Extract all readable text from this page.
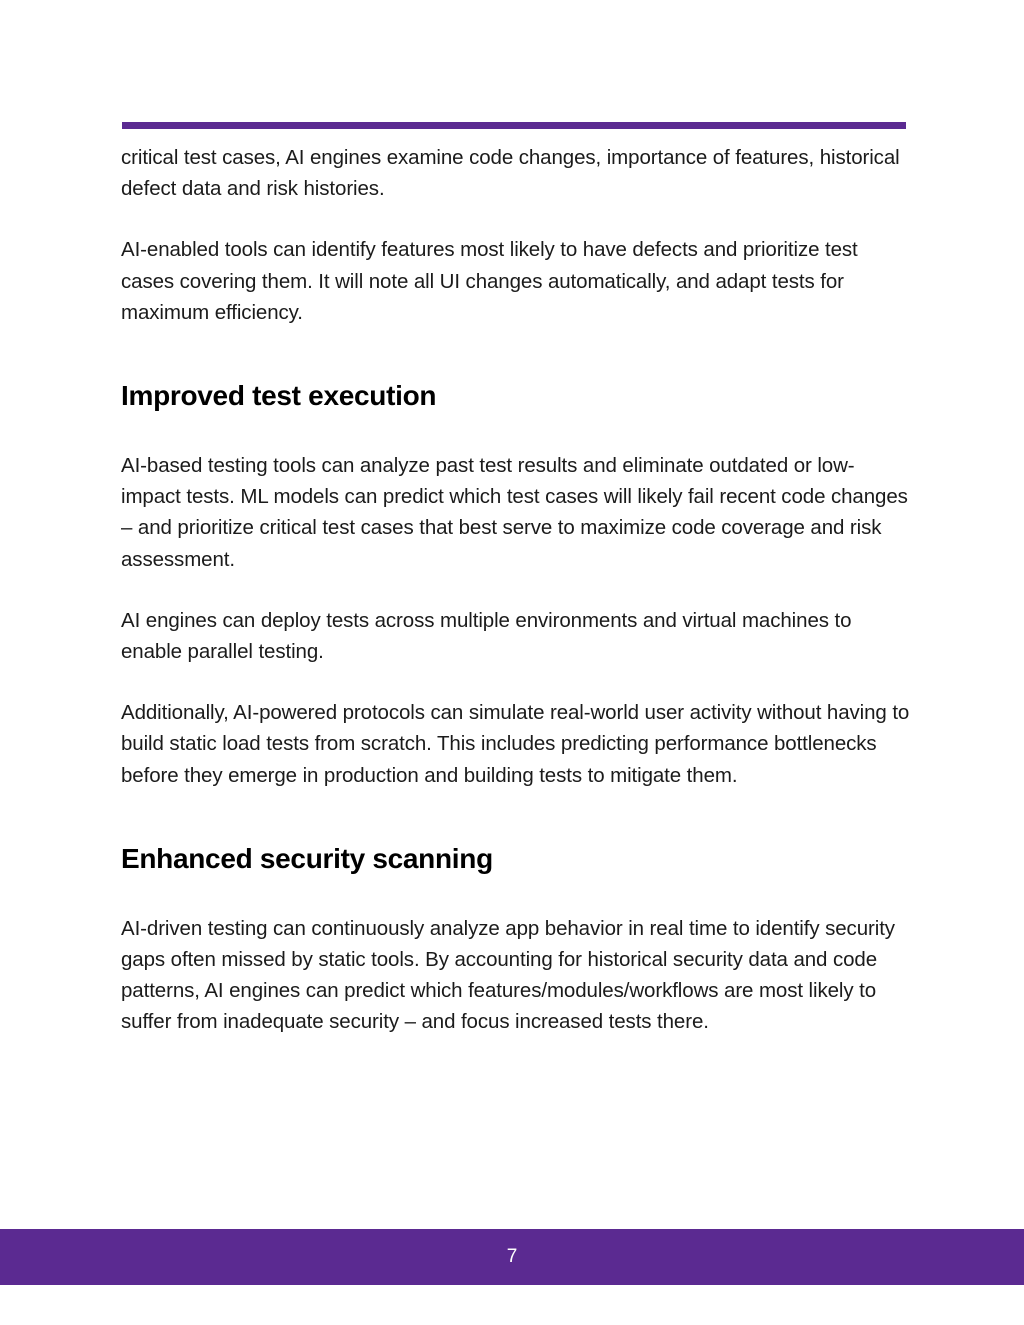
critical test cases, AI engines examine code changes, importance of features, historical defect data and risk histories.

AI-enabled tools can identify features most likely to have defects and prioritize test cases covering them. It will note all UI changes automatically, and adapt tests for maximum efficiency.

Improved test execution

AI-based testing tools can analyze past test results and eliminate outdated or low-impact tests. ML models can predict which test cases will likely fail recent code changes – and prioritize critical test cases that best serve to maximize code coverage and risk assessment.

AI engines can deploy tests across multiple environments and virtual machines to enable parallel testing.

Additionally, AI-powered protocols can simulate real-world user activity without having to build static load tests from scratch. This includes predicting performance bottlenecks before they emerge in production and building tests to mitigate them.

Enhanced security scanning

AI-driven testing can continuously analyze app behavior in real time to identify security gaps often missed by static tools. By accounting for historical security data and code patterns, AI engines can predict which features/modules/workflows are most likely to suffer from inadequate security – and focus increased tests there.

7
